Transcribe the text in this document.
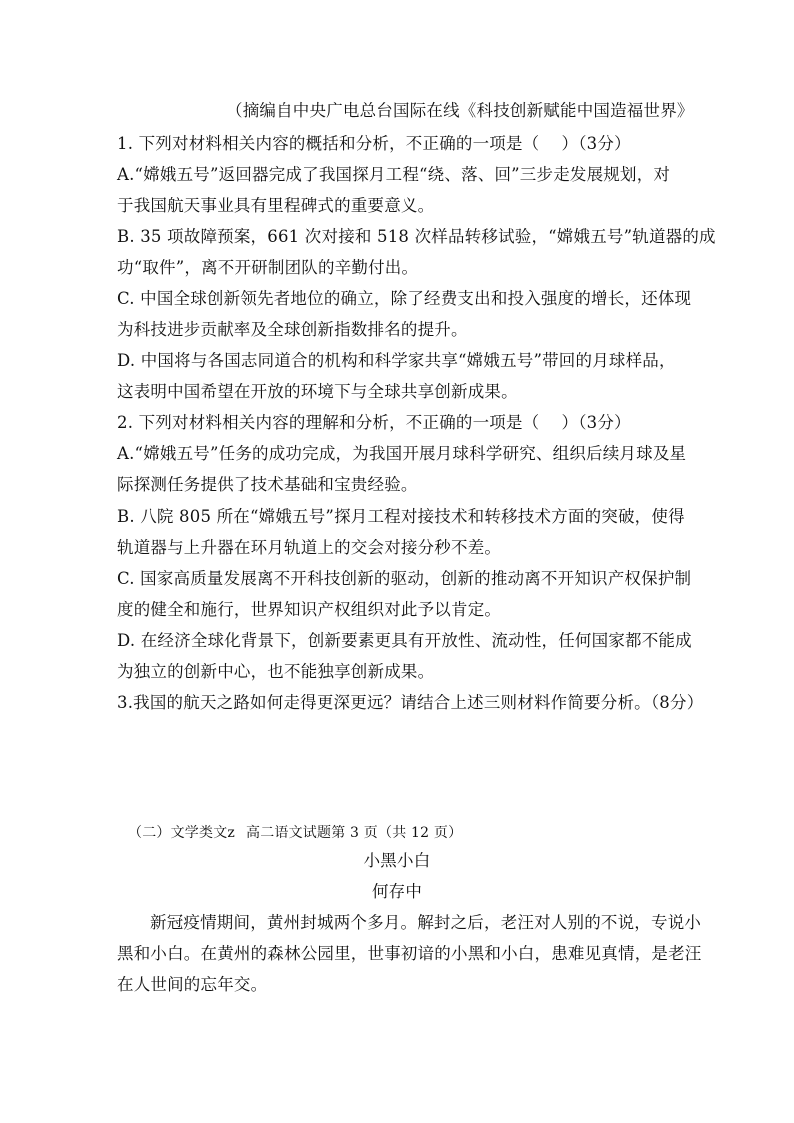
（摘编自中央广电总台国际在线《科技创新赋能中国造福世界》
1. 下列对材料相关内容的概括和分析，不正确的一项是（　 ）（3分）
A.“嫦娥五号”返回器完成了我国探月工程“绕、落、回”三步走发展规划，对
于我国航天事业具有里程碑式的重要意义。
B. 35 项故障预案，661 次对接和 518 次样品转移试验，“嫦娥五号”轨道器的成
功“取件”，离不开研制团队的辛勤付出。
C. 中国全球创新领先者地位的确立，除了经费支出和投入强度的增长，还体现
为科技进步贡献率及全球创新指数排名的提升。
D. 中国将与各国志同道合的机构和科学家共享“嫦娥五号”带回的月球样品，
这表明中国希望在开放的环境下与全球共享创新成果。
2. 下列对材料相关内容的理解和分析，不正确的一项是（　 ）（3分）
A.“嫦娥五号”任务的成功完成，为我国开展月球科学研究、组织后续月球及星
际探测任务提供了技术基础和宝贵经验。
B. 八院 805 所在“嫦娥五号”探月工程对接技术和转移技术方面的突破，使得
轨道器与上升器在环月轨道上的交会对接分秒不差。
C. 国家高质量发展离不开科技创新的驱动，创新的推动离不开知识产权保护制
度的健全和施行，世界知识产权组织对此予以肯定。
D. 在经济全球化背景下，创新要素更具有开放性、流动性，任何国家都不能成
为独立的创新中心，也不能独享创新成果。
3.我国的航天之路如何走得更深更远？请结合上述三则材料作简要分析。（8分）
（二）文学类文z 高二语文试题第 3 页（共 12 页）
小黑小白
何存中
新冠疫情期间，黄州封城两个多月。解封之后，老汪对人别的不说，专说小
黑和小白。在黄州的森林公园里，世事初谙的小黑和小白，患难见真情，是老汪
在人世间的忘年交。
